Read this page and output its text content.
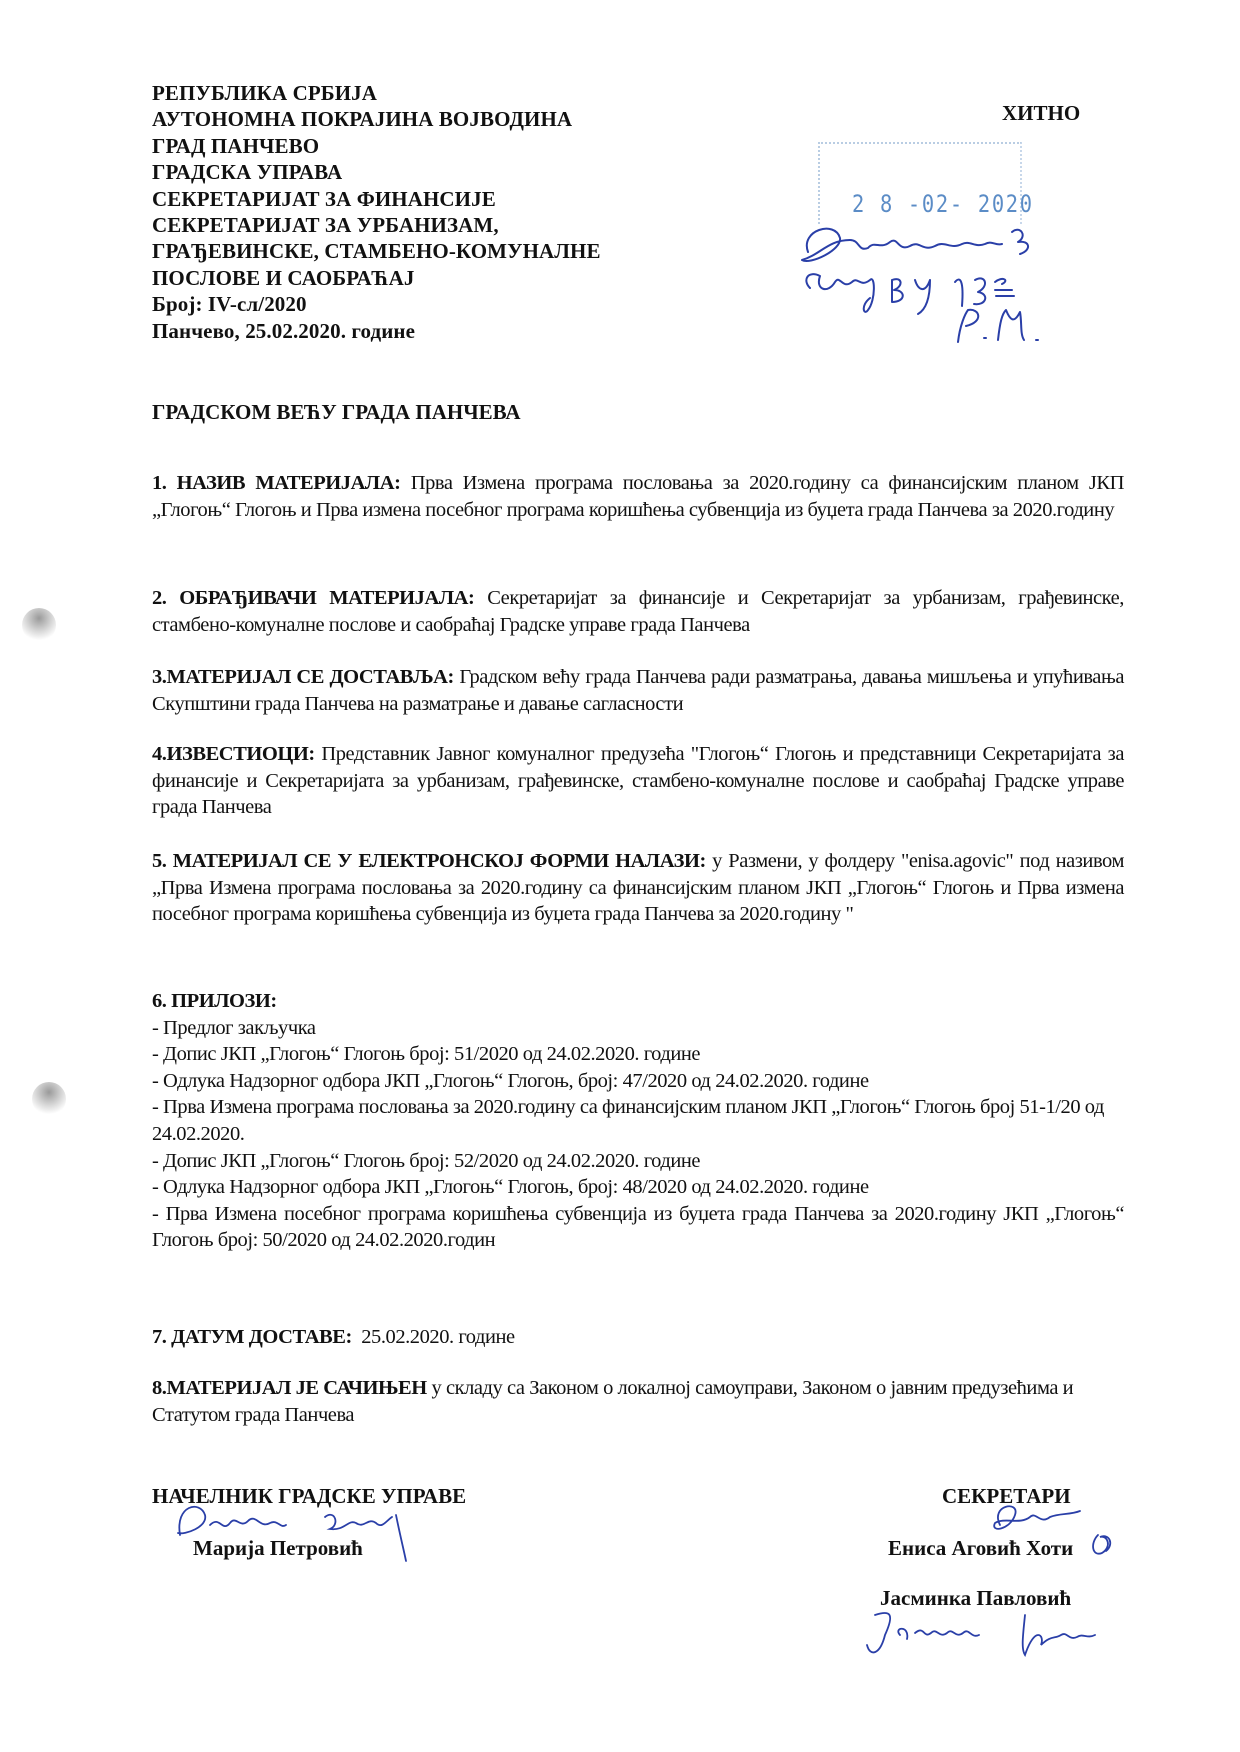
РЕПУБЛИКА СРБИЈА
АУТОНОМНА ПОКРАЈИНА ВОЈВОДИНА
ГРАД ПАНЧЕВО
ГРАДСКА УПРАВА
СЕКРЕТАРИЈАТ ЗА ФИНАНСИЈЕ
СЕКРЕТАРИЈАТ ЗА УРБАНИЗАМ,
ГРАЂЕВИНСКЕ, СТАМБЕНО-КОМУНАЛНЕ
ПОСЛОВЕ И САОБРАЋАЈ
Број: IV-сл/2020
Панчево, 25.02.2020. године
ХИТНО
2 8 -02- 2020
ГРАДСКОМ ВЕЋУ ГРАДА ПАНЧЕВА
1. НАЗИВ МАТЕРИЈАЛА: Прва Измена програма пословања за 2020.годину са финансијским планом ЈКП „Глогоњ“ Глогоњ и Прва измена посебног програма коришћења субвенција из буџета града Панчева за 2020.годину
2. ОБРАЂИВАЧИ МАТЕРИЈАЛА: Секретаријат за финансије и Секретаријат за урбанизам, грађевинске, стамбено-комуналне послове и саобраћај Градске управе града Панчева
3.МАТЕРИЈАЛ СЕ ДОСТАВЉА: Градском већу града Панчева ради разматрања, давања мишљења и упућивања Скупштини града Панчева на разматрање и давање сагласности
4.ИЗВЕСТИОЦИ: Представник Јавног комуналног предузећа "Глогоњ“ Глогоњ и представници Секретаријата за финансије и Секретаријата за урбанизам, грађевинске, стамбено-комуналне послове и саобраћај Градске управе града Панчева
5. МАТЕРИЈАЛ СЕ У ЕЛЕКТРОНСКОЈ ФОРМИ НАЛАЗИ: у Размени, у фолдеру "enisa.agovic" под називом „Прва Измена програма пословања за 2020.годину са финансијским планом ЈКП „Глогоњ“ Глогоњ и Прва измена посебног програма коришћења субвенција из буџета града Панчева за 2020.годину "
6. ПРИЛОЗИ:
- Предлог закључка
- Допис ЈКП „Глогоњ“ Глогоњ број: 51/2020 од 24.02.2020. године
- Одлука Надзорног одбора ЈКП „Глогоњ“ Глогоњ, број: 47/2020 од 24.02.2020. године
- Прва Измена програма пословања за 2020.годину са финансијским планом ЈКП „Глогоњ“ Глогоњ број 51-1/20 од 24.02.2020.
- Допис ЈКП „Глогоњ“ Глогоњ број: 52/2020 од 24.02.2020. године
- Одлука Надзорног одбора ЈКП „Глогоњ“ Глогоњ, број: 48/2020 од 24.02.2020. године
- Прва Измена посебног програма коришћења субвенција из буџета града Панчева за 2020.годину ЈКП „Глогоњ“ Глогоњ број: 50/2020 од 24.02.2020.годин
7. ДАТУМ ДОСТАВЕ: 25.02.2020. године
8.МАТЕРИЈАЛ ЈЕ САЧИЊЕН у складу са Законом о локалној самоуправи, Законом о јавним предузећима и Статутом града Панчева
НАЧЕЛНИК ГРАДСКЕ УПРАВЕ
Марија Петровић
СЕКРЕТАРИ
Ениса Аговић Хоти
Јасминка Павловић
